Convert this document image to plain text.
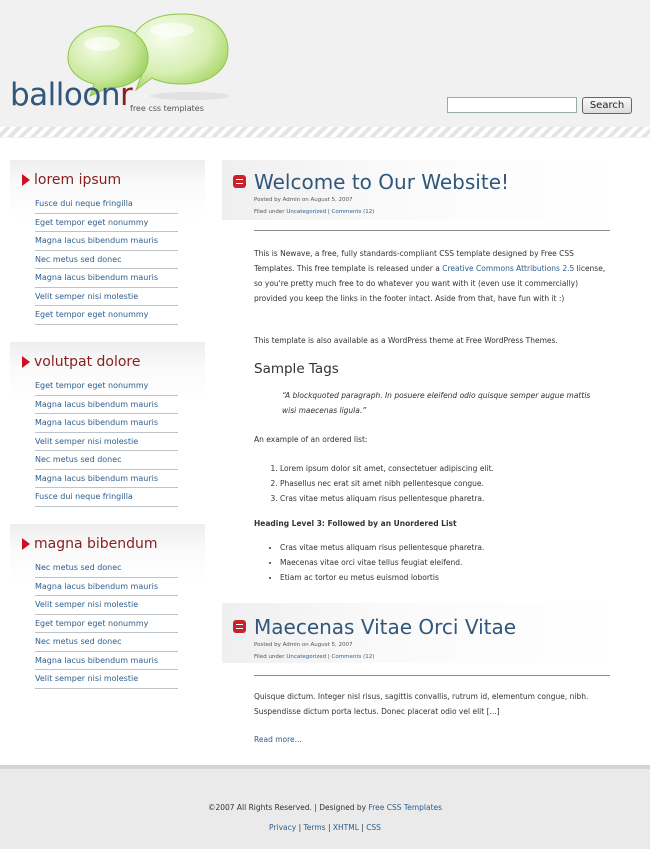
balloonr
free css templates	Search
lorem ipsum
Fusce dui neque fringilla
Eget tempor eget nonummy
Magna lacus bibendum mauris
Nec metus sed donec
Magna lacus bibendum mauris
Velit semper nisi molestie
Eget tempor eget nonummy
volutpat dolore
Eget tempor eget nonummy
Magna lacus bibendum mauris
Magna lacus bibendum mauris
Velit semper nisi molestie
Nec metus sed donec
Magna lacus bibendum mauris
Fusce dui neque fringilla
magna bibendum
Nec metus sed donec
Magna lacus bibendum mauris
Velit semper nisi molestie
Eget tempor eget nonummy
Nec metus sed donec
Magna lacus bibendum mauris
Velit semper nisi molestie
Welcome to Our Website!
Posted by Admin on August 5, 2007
Filed under Uncategorized | Comments (12)
This is Newave, a free, fully standards-compliant CSS template designed by Free CSS Templates. This free template is released under a Creative Commons Attributions 2.5 license, so you're pretty much free to do whatever you want with it (even use it commercially) provided you keep the links in the footer intact. Aside from that, have fun with it :)
This template is also available as a WordPress theme at Free WordPress Themes.
Sample Tags
“A blockquoted paragraph. In posuere eleifend odio quisque semper augue mattis wisi maecenas ligula.”
An example of an ordered list:
1. Lorem ipsum dolor sit amet, consectetuer adipiscing elit.
2. Phasellus nec erat sit amet nibh pellentesque congue.
3. Cras vitae metus aliquam risus pellentesque pharetra.
Heading Level 3: Followed by an Unordered List
• Cras vitae metus aliquam risus pellentesque pharetra.
• Maecenas vitae orci vitae tellus feugiat eleifend.
• Etiam ac tortor eu metus euismod lobortis
Maecenas Vitae Orci Vitae
Posted by Admin on August 5, 2007
Filed under Uncategorized | Comments (12)
Quisque dictum. Integer nisl risus, sagittis convallis, rutrum id, elementum congue, nibh. Suspendisse dictum porta lectus. Donec placerat odio vel elit [...]
Read more...
©2007 All Rights Reserved. | Designed by Free CSS Templates
Privacy | Terms | XHTML | CSS
